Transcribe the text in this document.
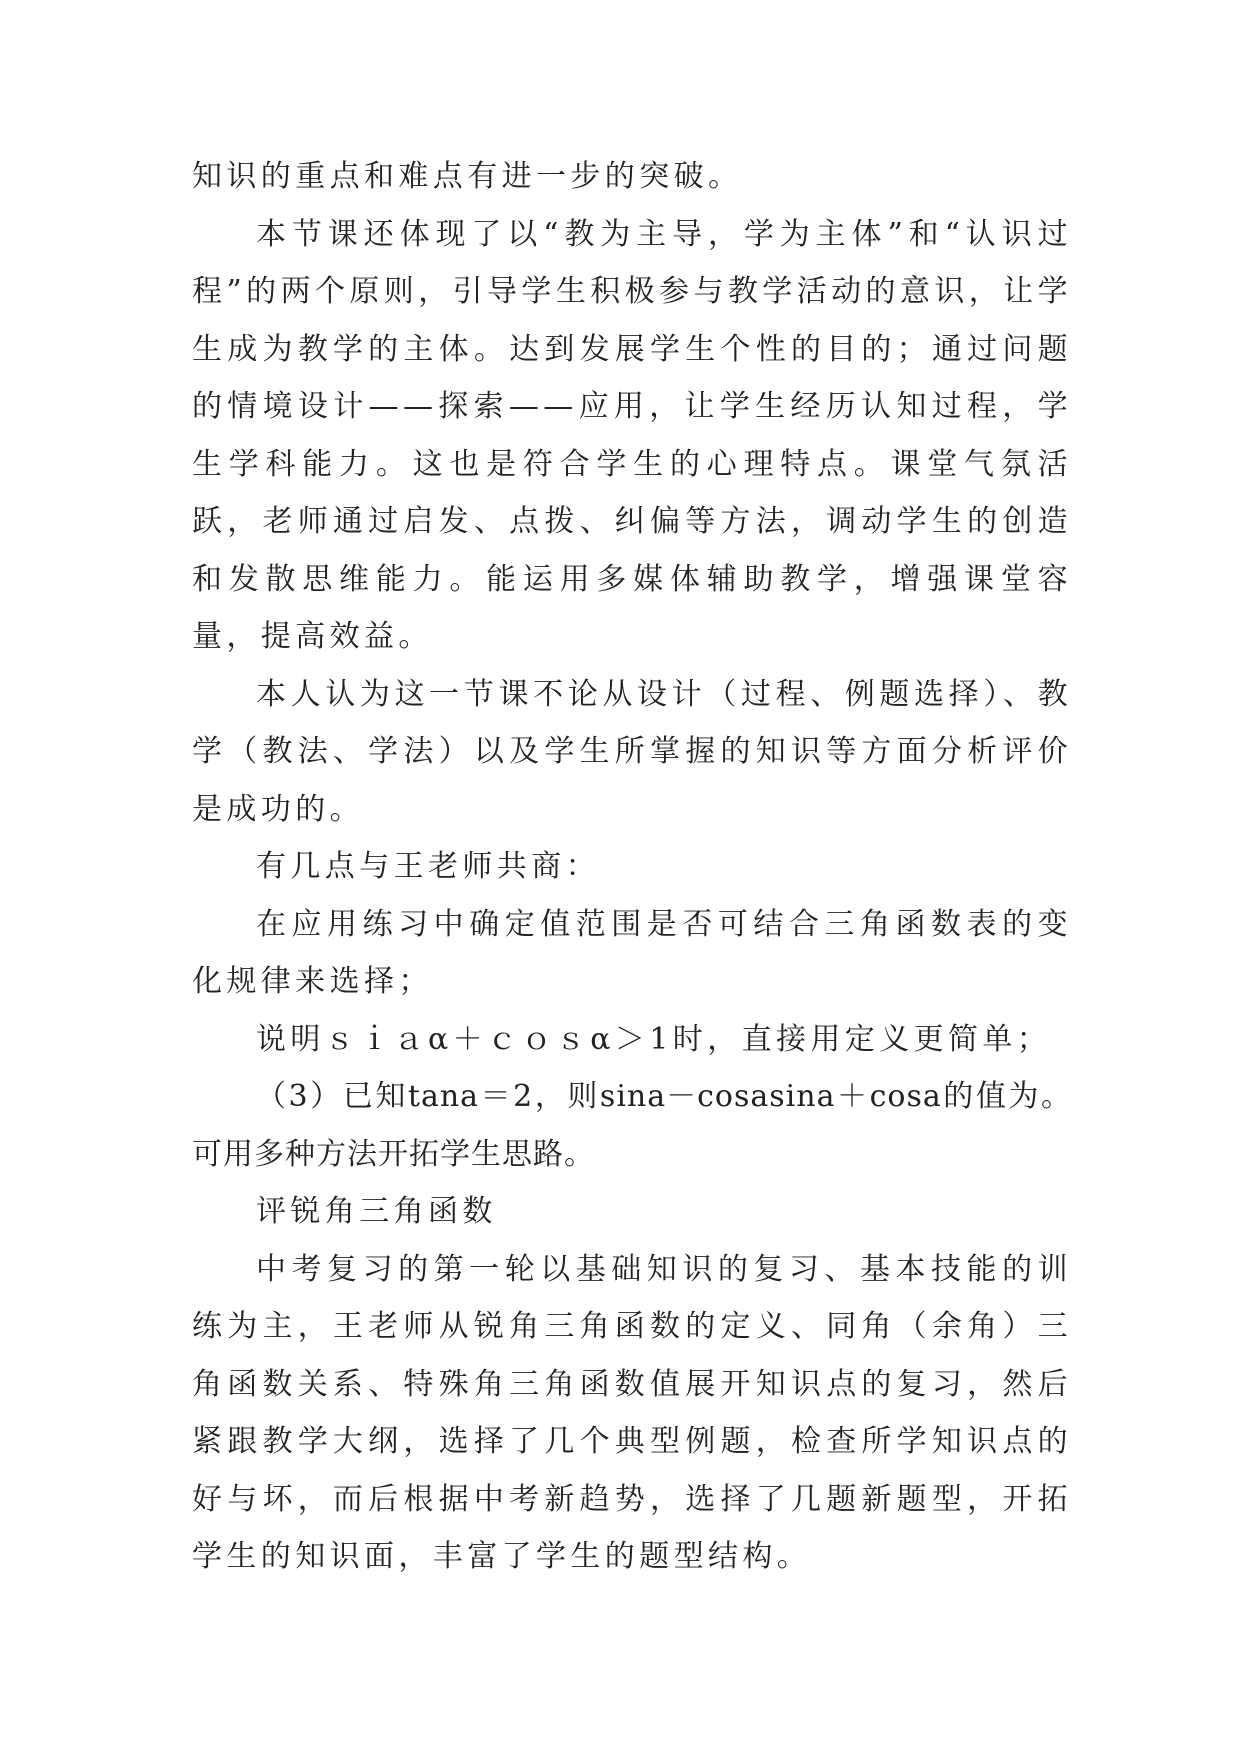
知识的重点和难点有进一步的突破。

本节课还体现了以“教为主导，学为主体”和“认识过程”的两个原则，引导学生积极参与教学活动的意识，让学生成为教学的主体。达到发展学生个性的目的；通过问题的情境设计——探索——应用，让学生经历认知过程，学生学科能力。这也是符合学生的心理特点。课堂气氛活跃，老师通过启发、点拨、纠偏等方法，调动学生的创造和发散思维能力。能运用多媒体辅助教学，增强课堂容量，提高效益。

本人认为这一节课不论从设计（过程、例题选择）、教学（教法、学法）以及学生所掌握的知识等方面分析评价是成功的。

有几点与王老师共商：

在应用练习中确定值范围是否可结合三角函数表的变化规律来选择；

说明ｓｉａα＋ｃｏｓα＞1时，直接用定义更简单；

（3）已知tana＝2，则sina－cosasina＋cosa的值为。可用多种方法开拓学生思路。

评锐角三角函数

中考复习的第一轮以基础知识的复习、基本技能的训练为主，王老师从锐角三角函数的定义、同角（余角）三角函数关系、特殊角三角函数值展开知识点的复习，然后紧跟教学大纲，选择了几个典型例题，检查所学知识点的好与坏，而后根据中考新趋势，选择了几题新题型，开拓学生的知识面，丰富了学生的题型结构。
